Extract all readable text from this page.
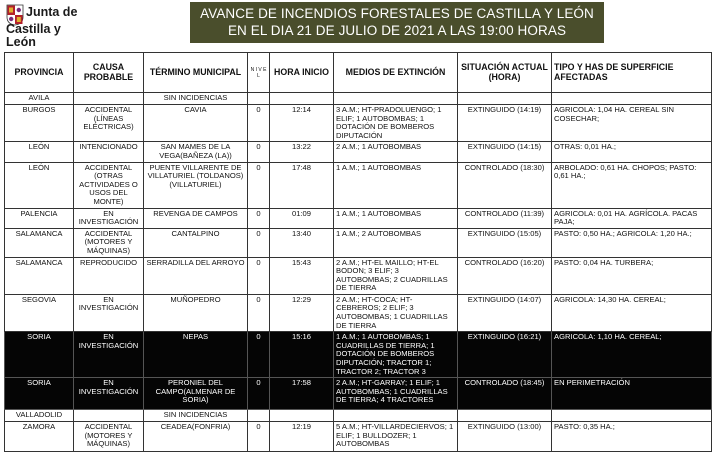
Junta de
Castilla y León
AVANCE DE INCENDIOS FORESTALES DE CASTILLA Y LEÓN
EN EL DIA 21 DE JULIO DE 2021 A LAS 19:00 HORAS
PROVINCIA	CAUSA PROBABLE	TÉRMINO MUNICIPAL	N I V E L	HORA INICIO	MEDIOS DE EXTINCIÓN	SITUACIÓN ACTUAL (HORA)	TIPO Y HAS DE SUPERFICIE AFECTADAS
AVILA		SIN INCIDENCIAS					
BURGOS	ACCIDENTAL (LÍNEAS ELÉCTRICAS)	CAVIA	0	12:14	3 A.M.; HT-PRADOLUENGO; 1 ELIF; 1 AUTOBOMBAS; 1 DOTACIÓN DE BOMBEROS DIPUTACIÓN	EXTINGUIDO (14:19)	AGRICOLA: 1,04 HA. CEREAL SIN COSECHAR;
LEÓN	INTENCIONADO	SAN MAMES DE LA VEGA(BAÑEZA (LA))	0	13:22	2 A.M.; 1 AUTOBOMBAS	EXTINGUIDO (14:15)	OTRAS: 0,01 HA.;
LEÓN	ACCIDENTAL (OTRAS ACTIVIDADES O USOS DEL MONTE)	PUENTE VILLARENTE DE VILLATURIEL (TOLDANOS)(VILLATURIEL)	0	17:48	1 A.M.; 1 AUTOBOMBAS	CONTROLADO (18:30)	ARBOLADO: 0,61 HA. CHOPOS; PASTO: 0,61 HA.;
PALENCIA	EN INVESTIGACIÓN	REVENGA DE CAMPOS	0	01:09	1 A.M.; 1 AUTOBOMBAS	CONTROLADO (11:39)	AGRICOLA: 0,01 HA. AGRÍCOLA. PACAS PAJA;
SALAMANCA	ACCIDENTAL (MOTORES Y MÁQUINAS)	CANTALPINO	0	13:40	1 A.M.; 2 AUTOBOMBAS	EXTINGUIDO (15:05)	PASTO: 0,50 HA.; AGRICOLA: 1,20 HA.;
SALAMANCA	REPRODUCIDO	SERRADILLA DEL ARROYO	0	15:43	2 A.M.; HT-EL MAILLO; HT-EL BODON; 3 ELIF; 3 AUTOBOMBAS; 2 CUADRILLAS DE TIERRA	CONTROLADO (16:20)	PASTO: 0,04 HA. TURBERA;
SEGOVIA	EN INVESTIGACIÓN	MUÑOPEDRO	0	12:29	2 A.M.; HT-COCA; HT-CEBREROS; 2 ELIF; 3 AUTOBOMBAS; 1 CUADRILLAS DE TIERRA	EXTINGUIDO (14:07)	AGRICOLA: 14,30 HA. CEREAL;
SORIA	EN INVESTIGACIÓN	NEPAS	0	15:16	1 A.M.; 1 AUTOBOMBAS; 1 CUADRILLAS DE TIERRA; 1 DOTACIÓN DE BOMBEROS DIPUTACIÓN; TRACTOR 1; TRACTOR 2; TRACTOR 3	EXTINGUIDO (16:21)	AGRICOLA: 1,10 HA. CEREAL;
SORIA	EN INVESTIGACIÓN	PERONIEL DEL CAMPO(ALMENAR DE SORIA)	0	17:58	2 A.M.; HT-GARRAY; 1 ELIF; 1 AUTOBOMBAS; 1 CUADRILLAS DE TIERRA; 4 TRACTORES	CONTROLADO (18:45)	EN PERIMETRACIÓN
VALLADOLID		SIN INCIDENCIAS					
ZAMORA	ACCIDENTAL (MOTORES Y MÁQUINAS)	CEADEA(FONFRIA)	0	12:19	5 A.M.; HT-VILLARDECIERVOS; 1 ELIF; 1 BULLDOZER; 1 AUTOBOMBAS	EXTINGUIDO (13:00)	PASTO: 0,35 HA.;
